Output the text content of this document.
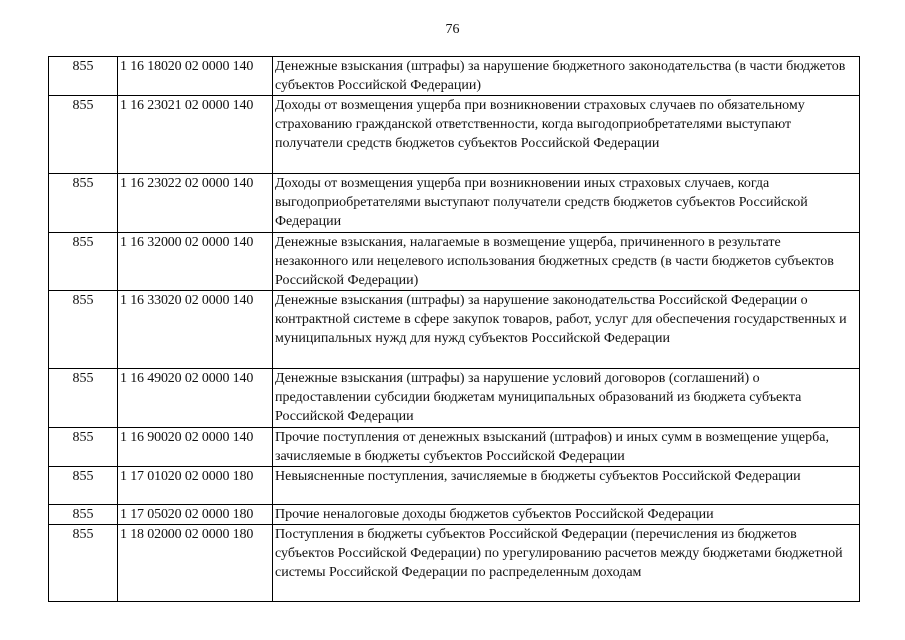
76
855	1 16 18020 02 0000 140	Денежные взыскания (штрафы) за нарушение бюджетного законодательства (в части бюджетов субъектов Российской Федерации)
855	1 16 23021 02 0000 140	Доходы от возмещения ущерба при возникновении страховых случаев по обязательному страхованию гражданской ответственности, когда выгодоприобретателями выступают получатели средств бюджетов субъектов Российской Федерации
855	1 16 23022 02 0000 140	Доходы от возмещения ущерба при возникновении иных страховых случаев, когда выгодоприобретателями выступают получатели средств бюджетов субъектов Российской Федерации
855	1 16 32000 02 0000 140	Денежные взыскания, налагаемые в возмещение ущерба, причиненного в результате незаконного или нецелевого использования бюджетных средств (в части бюджетов субъектов Российской Федерации)
855	1 16 33020 02 0000 140	Денежные взыскания (штрафы) за нарушение законодательства Российской Федерации о контрактной системе в сфере закупок товаров, работ, услуг для обеспечения государственных и муниципальных нужд для нужд субъектов Российской Федерации
855	1 16 49020 02 0000 140	Денежные взыскания (штрафы) за нарушение условий договоров (соглашений) о предоставлении субсидии бюджетам муниципальных образований из бюджета субъекта Российской Федерации
855	1 16 90020 02 0000 140	Прочие поступления от денежных взысканий (штрафов) и иных сумм в возмещение ущерба, зачисляемые в бюджеты субъектов Российской Федерации
855	1 17 01020 02 0000 180	Невыясненные поступления, зачисляемые в бюджеты субъектов Российской Федерации
855	1 17 05020 02 0000 180	Прочие неналоговые доходы бюджетов субъектов Российской Федерации
855	1 18 02000 02 0000 180	Поступления в бюджеты субъектов Российской Федерации (перечисления из бюджетов субъектов Российской Федерации) по урегулированию расчетов между бюджетами бюджетной системы Российской Федерации по распределенным доходам
